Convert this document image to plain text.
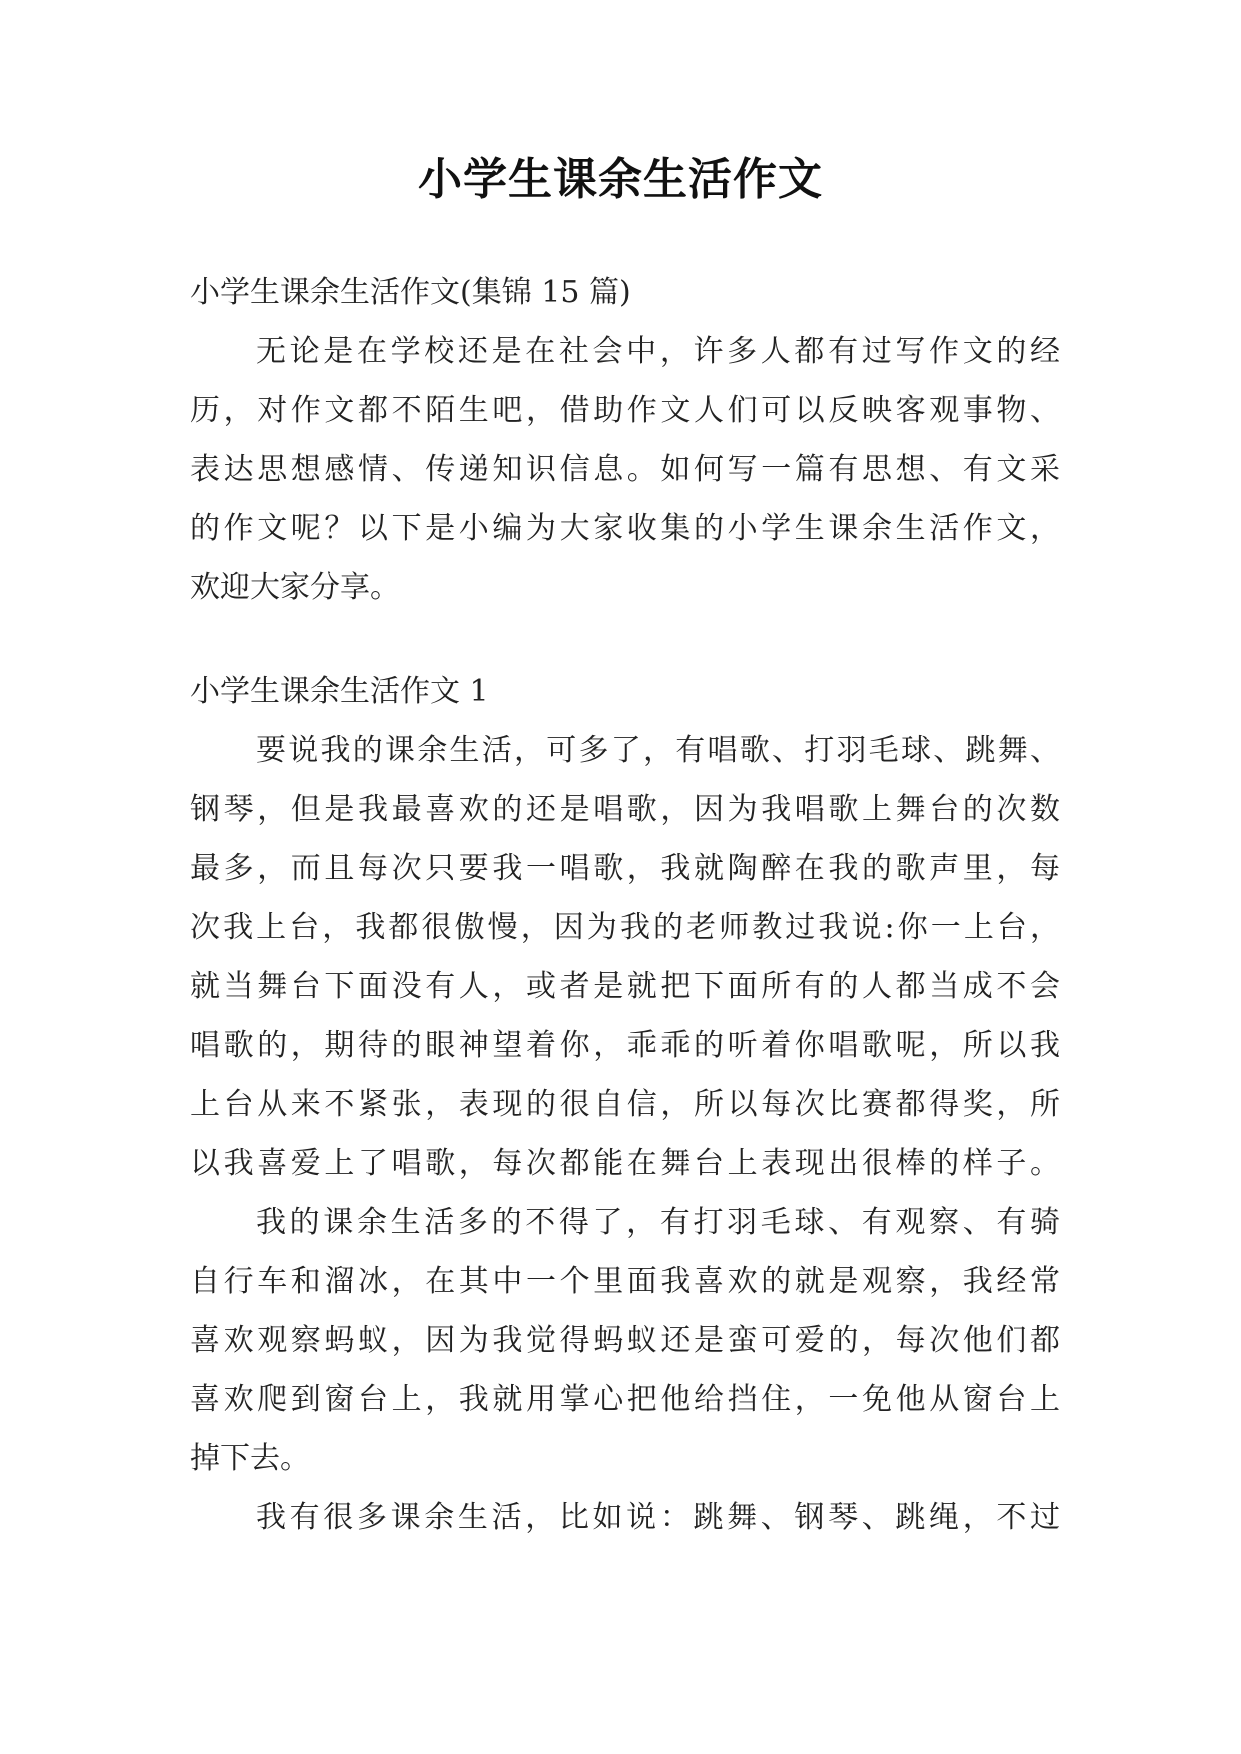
小学生课余生活作文
小学生课余生活作文(集锦 15 篇)
无论是在学校还是在社会中，许多人都有过写作文的经
历，对作文都不陌生吧，借助作文人们可以反映客观事物、
表达思想感情、传递知识信息。如何写一篇有思想、有文采
的作文呢？以下是小编为大家收集的小学生课余生活作文，
欢迎大家分享。
小学生课余生活作文 1
要说我的课余生活，可多了，有唱歌、打羽毛球、跳舞、
钢琴，但是我最喜欢的还是唱歌，因为我唱歌上舞台的次数
最多，而且每次只要我一唱歌，我就陶醉在我的歌声里，每
次我上台，我都很傲慢，因为我的老师教过我说:你一上台，
就当舞台下面没有人，或者是就把下面所有的人都当成不会
唱歌的，期待的眼神望着你，乖乖的听着你唱歌呢，所以我
上台从来不紧张，表现的很自信，所以每次比赛都得奖，所
以我喜爱上了唱歌，每次都能在舞台上表现出很棒的样子。
我的课余生活多的不得了，有打羽毛球、有观察、有骑
自行车和溜冰，在其中一个里面我喜欢的就是观察，我经常
喜欢观察蚂蚁，因为我觉得蚂蚁还是蛮可爱的，每次他们都
喜欢爬到窗台上，我就用掌心把他给挡住，一免他从窗台上
掉下去。
我有很多课余生活，比如说：跳舞、钢琴、跳绳，不过
